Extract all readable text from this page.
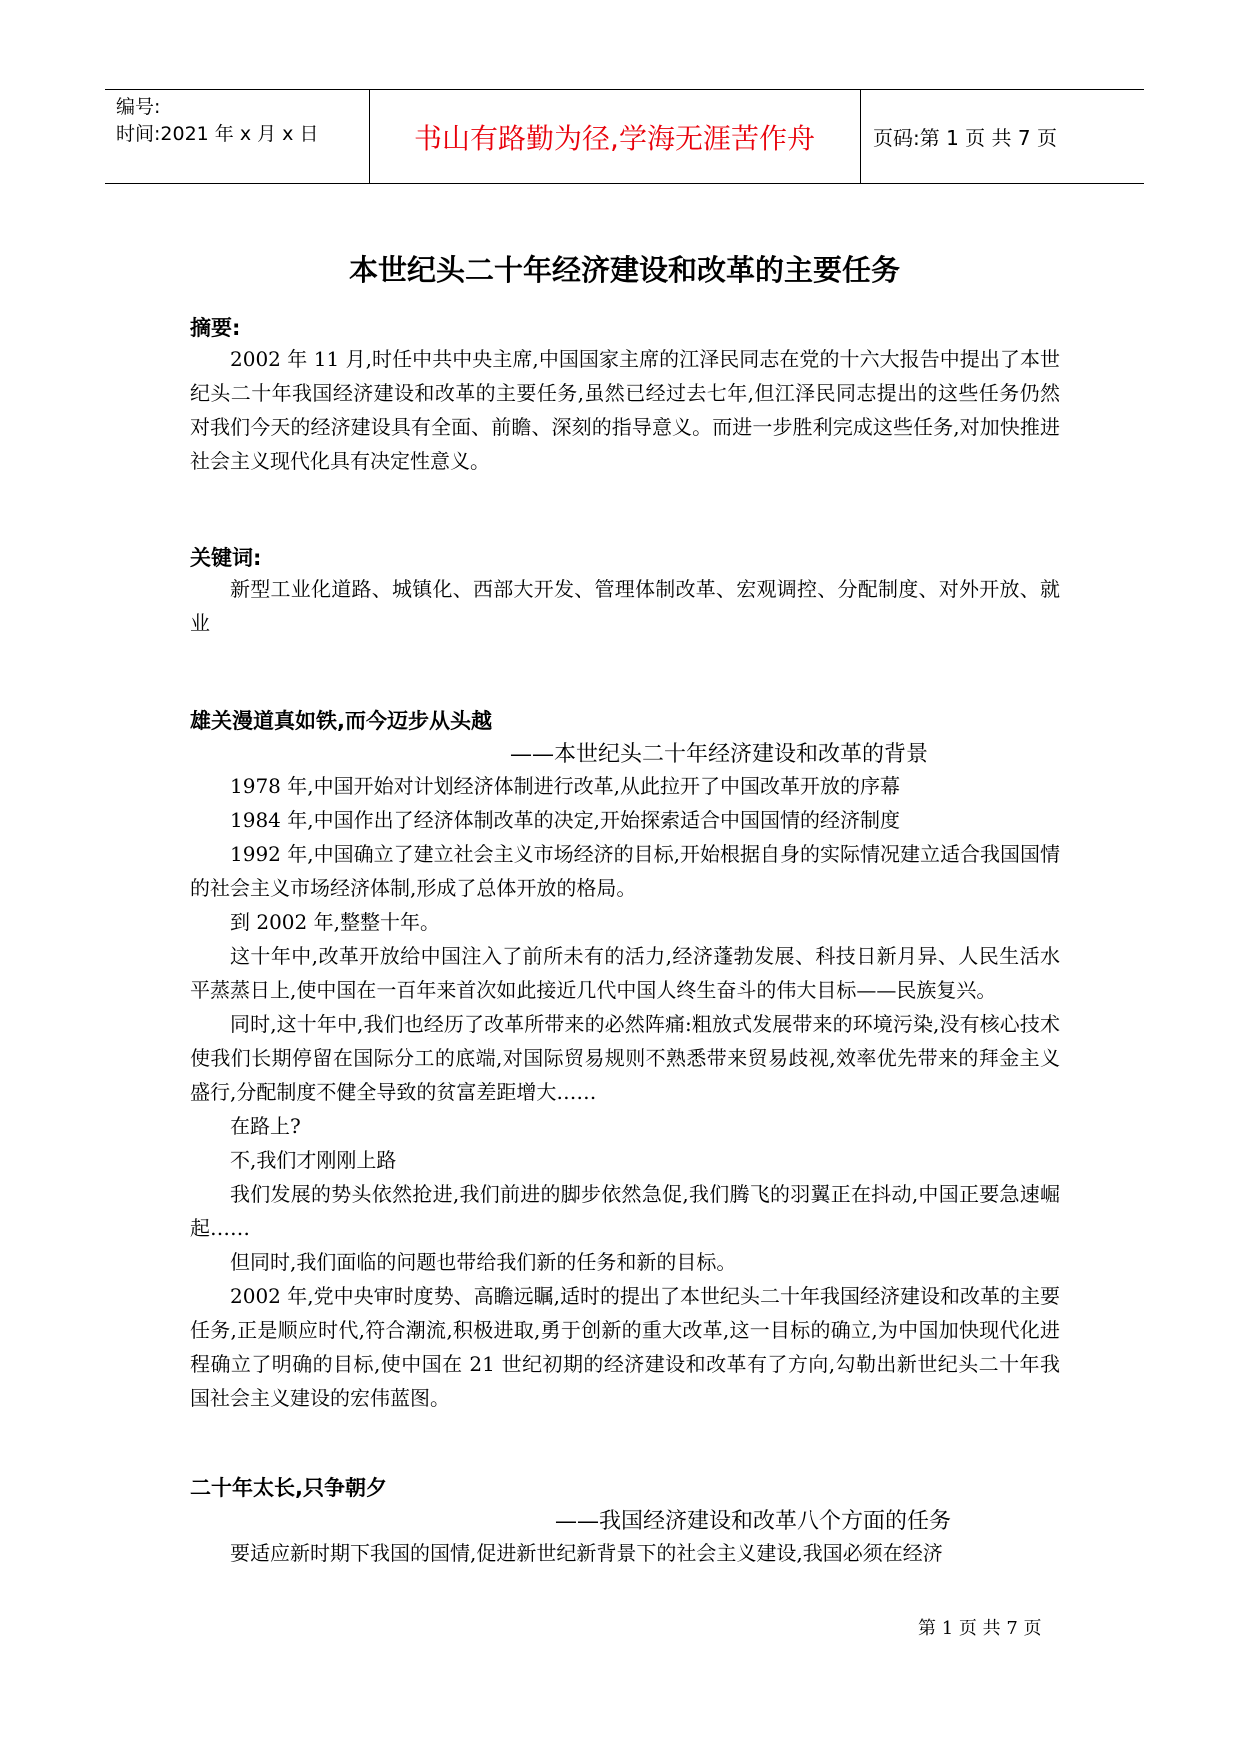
编号:
时间:2021 年 x 月 x 日	书山有路勤为径,学海无涯苦作舟	页码:第 1 页 共 7 页
本世纪头二十年经济建设和改革的主要任务
摘要:

2002 年 11 月,时任中共中央主席,中国国家主席的江泽民同志在党的十六大报告中提出了本世纪头二十年我国经济建设和改革的主要任务,虽然已经过去七年,但江泽民同志提出的这些任务仍然对我们今天的经济建设具有全面、前瞻、深刻的指导意义。而进一步胜利完成这些任务,对加快推进社会主义现代化具有决定性意义。

关键词:

新型工业化道路、城镇化、西部大开发、管理体制改革、宏观调控、分配制度、对外开放、就业

雄关漫道真如铁,而今迈步从头越
——本世纪头二十年经济建设和改革的背景

1978 年,中国开始对计划经济体制进行改革,从此拉开了中国改革开放的序幕

1984 年,中国作出了经济体制改革的决定,开始探索适合中国国情的经济制度

1992 年,中国确立了建立社会主义市场经济的目标,开始根据自身的实际情况建立适合我国国情的社会主义市场经济体制,形成了总体开放的格局。

到 2002 年,整整十年。

这十年中,改革开放给中国注入了前所未有的活力,经济蓬勃发展、科技日新月异、人民生活水平蒸蒸日上,使中国在一百年来首次如此接近几代中国人终生奋斗的伟大目标——民族复兴。

同时,这十年中,我们也经历了改革所带来的必然阵痛:粗放式发展带来的环境污染,没有核心技术使我们长期停留在国际分工的底端,对国际贸易规则不熟悉带来贸易歧视,效率优先带来的拜金主义盛行,分配制度不健全导致的贫富差距增大……

在路上?

不,我们才刚刚上路

我们发展的势头依然抢进,我们前进的脚步依然急促,我们腾飞的羽翼正在抖动,中国正要急速崛起……

但同时,我们面临的问题也带给我们新的任务和新的目标。

2002 年,党中央审时度势、高瞻远瞩,适时的提出了本世纪头二十年我国经济建设和改革的主要任务,正是顺应时代,符合潮流,积极进取,勇于创新的重大改革,这一目标的确立,为中国加快现代化进程确立了明确的目标,使中国在 21 世纪初期的经济建设和改革有了方向,勾勒出新世纪头二十年我国社会主义建设的宏伟蓝图。

二十年太长,只争朝夕
——我国经济建设和改革八个方面的任务

要适应新时期下我国的国情,促进新世纪新背景下的社会主义建设,我国必须在经济

第 1 页 共 7 页
